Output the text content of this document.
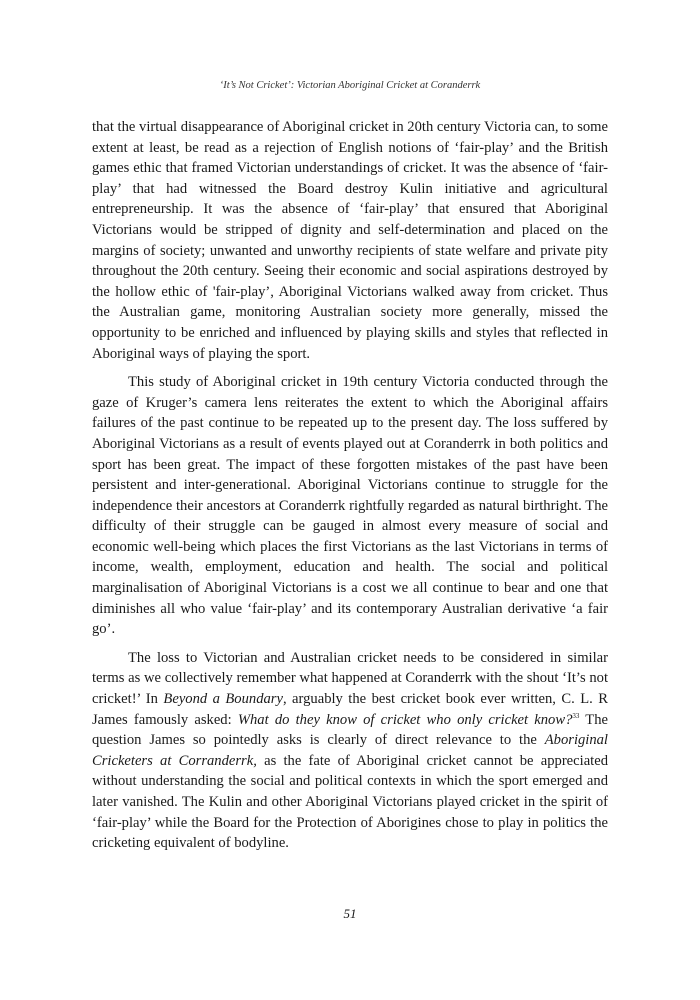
‘It’s Not Cricket’: Victorian Aboriginal Cricket at Coranderrk

that the virtual disappearance of Aboriginal cricket in 20th century Victoria can, to some extent at least, be read as a rejection of English notions of ‘fair-play’ and the British games ethic that framed Victorian understandings of cricket. It was the absence of ‘fair-play’ that had witnessed the Board destroy Kulin initiative and agricultural entrepreneurship. It was the absence of ‘fair-play’ that ensured that Aboriginal Victorians would be stripped of dignity and self-determination and placed on the margins of society; unwanted and unworthy recipients of state welfare and private pity throughout the 20th century. Seeing their economic and social aspirations destroyed by the hollow ethic of 'fair-play’, Aboriginal Victorians walked away from cricket. Thus the Australian game, monitoring Australian society more generally, missed the opportunity to be enriched and influenced by playing skills and styles that reflected in Aboriginal ways of playing the sport.

This study of Aboriginal cricket in 19th century Victoria conducted through the gaze of Kruger’s camera lens reiterates the extent to which the Aboriginal affairs failures of the past continue to be repeated up to the present day. The loss suffered by Aboriginal Victorians as a result of events played out at Coranderrk in both politics and sport has been great. The impact of these forgotten mistakes of the past have been persistent and inter-generational. Aboriginal Victorians continue to struggle for the independence their ancestors at Coranderrk rightfully regarded as natural birthright. The difficulty of their struggle can be gauged in almost every measure of social and economic well-being which places the first Victorians as the last Victorians in terms of income, wealth, employment, education and health. The social and political marginalisation of Aboriginal Victorians is a cost we all continue to bear and one that diminishes all who value ‘fair-play’ and its contemporary Australian derivative ‘a fair go’.

The loss to Victorian and Australian cricket needs to be considered in similar terms as we collectively remember what happened at Coranderrk with the shout ‘It’s not cricket!’ In Beyond a Boundary, arguably the best cricket book ever written, C. L. R James famously asked: What do they know of cricket who only cricket know?$^{33}$ The question James so pointedly asks is clearly of direct relevance to the Aboriginal Cricketers at Corranderrk, as the fate of Aboriginal cricket cannot be appreciated without understanding the social and political contexts in which the sport emerged and later vanished. The Kulin and other Aboriginal Victorians played cricket in the spirit of ‘fair-play’ while the Board for the Protection of Aborigines chose to play in politics the cricketing equivalent of bodyline.

51
